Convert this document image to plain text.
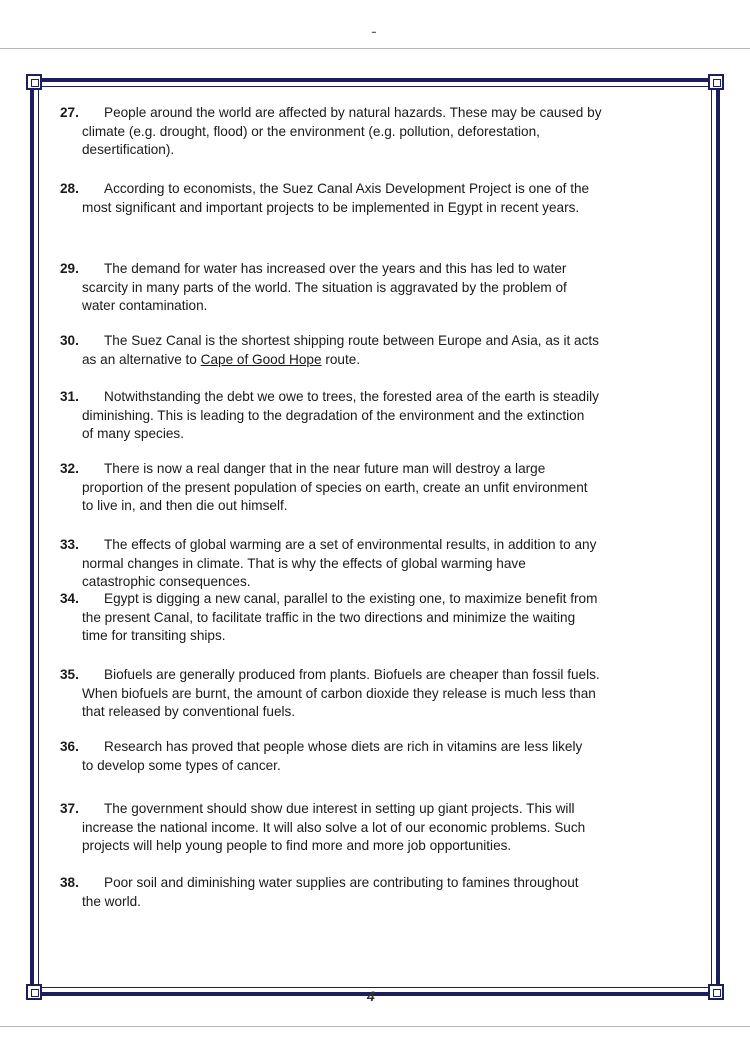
-
27. People around the world are affected by natural hazards. These may be caused by
climate (e.g. drought, flood) or the environment (e.g. pollution, deforestation,
desertification).
28. According to economists, the Suez Canal Axis Development Project is one of the
most significant and important projects to be implemented in Egypt in recent years.
29. The demand for water has increased over the years and this has led to water
scarcity in many parts of the world. The situation is aggravated by the problem of
water contamination.
30. The Suez Canal is the shortest shipping route between Europe and Asia, as it acts
as an alternative to Cape of Good Hope route.
31. Notwithstanding the debt we owe to trees, the forested area of the earth is steadily
diminishing. This is leading to the degradation of the environment and the extinction
of many species.
32. There is now a real danger that in the near future man will destroy a large
proportion of the present population of species on earth, create an unfit environment
to live in, and then die out himself.
33. The effects of global warming are a set of environmental results, in addition to any
normal changes in climate. That is why the effects of global warming have
catastrophic consequences.
34. Egypt is digging a new canal, parallel to the existing one, to maximize benefit from
the present Canal, to facilitate traffic in the two directions and minimize the waiting
time for transiting ships.
35. Biofuels are generally produced from plants. Biofuels are cheaper than fossil fuels.
When biofuels are burnt, the amount of carbon dioxide they release is much less than
that released by conventional fuels.
36. Research has proved that people whose diets are rich in vitamins are less likely
to develop some types of cancer.
37. The government should show due interest in setting up giant projects. This will
increase the national income. It will also solve a lot of our economic problems. Such
projects will help young people to find more and more job opportunities.
38. Poor soil and diminishing water supplies are contributing to famines throughout
the world.
4
